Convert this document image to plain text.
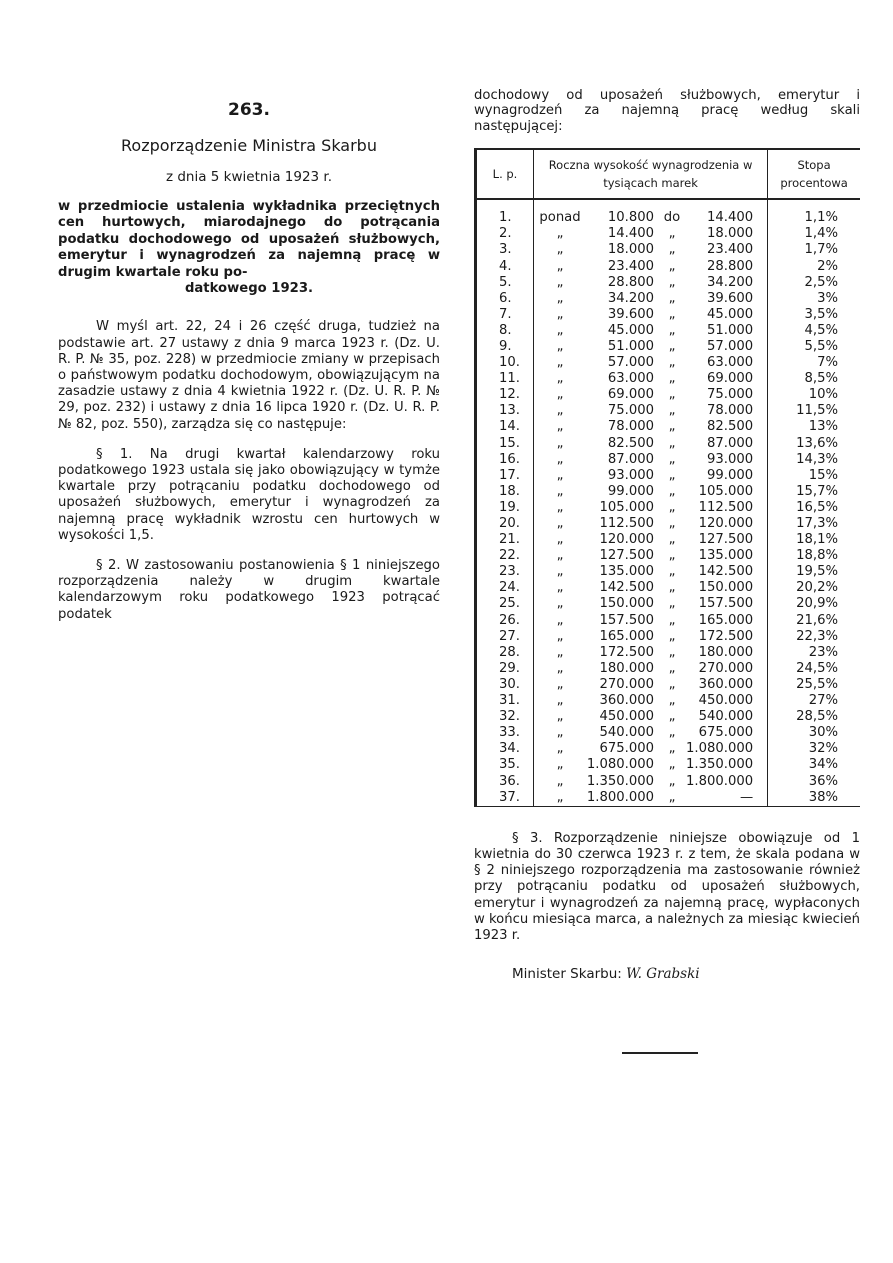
263.
Rozporządzenie Ministra Skarbu
z dnia 5 kwietnia 1923 r.
w przedmiocie ustalenia wykładnika przeciętnych cen hurtowych, miarodajnego do potrącania podatku dochodowego od uposażeń służbowych, emerytur i wynagrodzeń za najemną pracę w drugim kwartale roku po-
datkowego 1923.

W myśl art. 22, 24 i 26 część druga, tudzież na podstawie art. 27 ustawy z dnia 9 marca 1923 r. (Dz. U. R. P. № 35, poz. 228) w przedmiocie zmiany w przepisach o państwowym podatku dochodowym, obowiązującym na zasadzie ustawy z dnia 4 kwietnia 1922 r. (Dz. U. R. P. № 29, poz. 232) i ustawy z dnia 16 lipca 1920 r. (Dz. U. R. P. № 82, poz. 550), zarządza się co następuje:

§ 1. Na drugi kwartał kalendarzowy roku podatkowego 1923 ustala się jako obowiązujący w tymże kwartale przy potrącaniu podatku dochodowego od uposażeń służbowych, emerytur i wynagrodzeń za najemną pracę wykładnik wzrostu cen hurtowych w wysokości 1,5.

§ 2. W zastosowaniu postanowienia § 1 niniejszego rozporządzenia należy w drugim kwartale kalendarzowym roku podatkowego 1923 potrącać podatek

dochodowy od uposażeń służbowych, emerytur i wynagrodzeń za najemną pracę według skali następującej:

L. p.	Roczna wysokość wynagrodzenia w tysiącach marek				Stopa procentowa
1.	ponad	10.800	do	14.400	1,1%
2.	„	14.400	„	18.000	1,4%
3.	„	18.000	„	23.400	1,7%
4.	„	23.400	„	28.800	2%
5.	„	28.800	„	34.200	2,5%
6.	„	34.200	„	39.600	3%
7.	„	39.600	„	45.000	3,5%
8.	„	45.000	„	51.000	4,5%
9.	„	51.000	„	57.000	5,5%
10.	„	57.000	„	63.000	7%
11.	„	63.000	„	69.000	8,5%
12.	„	69.000	„	75.000	10%
13.	„	75.000	„	78.000	11,5%
14.	„	78.000	„	82.500	13%
15.	„	82.500	„	87.000	13,6%
16.	„	87.000	„	93.000	14,3%
17.	„	93.000	„	99.000	15%
18.	„	99.000	„	105.000	15,7%
19.	„	105.000	„	112.500	16,5%
20.	„	112.500	„	120.000	17,3%
21.	„	120.000	„	127.500	18,1%
22.	„	127.500	„	135.000	18,8%
23.	„	135.000	„	142.500	19,5%
24.	„	142.500	„	150.000	20,2%
25.	„	150.000	„	157.500	20,9%
26.	„	157.500	„	165.000	21,6%
27.	„	165.000	„	172.500	22,3%
28.	„	172.500	„	180.000	23%
29.	„	180.000	„	270.000	24,5%
30.	„	270.000	„	360.000	25,5%
31.	„	360.000	„	450.000	27%
32.	„	450.000	„	540.000	28,5%
33.	„	540.000	„	675.000	30%
34.	„	675.000	„	1.080.000	32%
35.	„	1.080.000	„	1.350.000	34%
36.	„	1.350.000	„	1.800.000	36%
37.	„	1.800.000	„	—	38%

§ 3. Rozporządzenie niniejsze obowiązuje od 1 kwietnia do 30 czerwca 1923 r. z tem, że skala podana w § 2 niniejszego rozporządzenia ma zastosowanie również przy potrącaniu podatku od uposażeń służbowych, emerytur i wynagrodzeń za najemną pracę, wypłaconych w końcu miesiąca marca, a należnych za miesiąc kwiecień 1923 r.

Minister Skarbu: W. Grabski
